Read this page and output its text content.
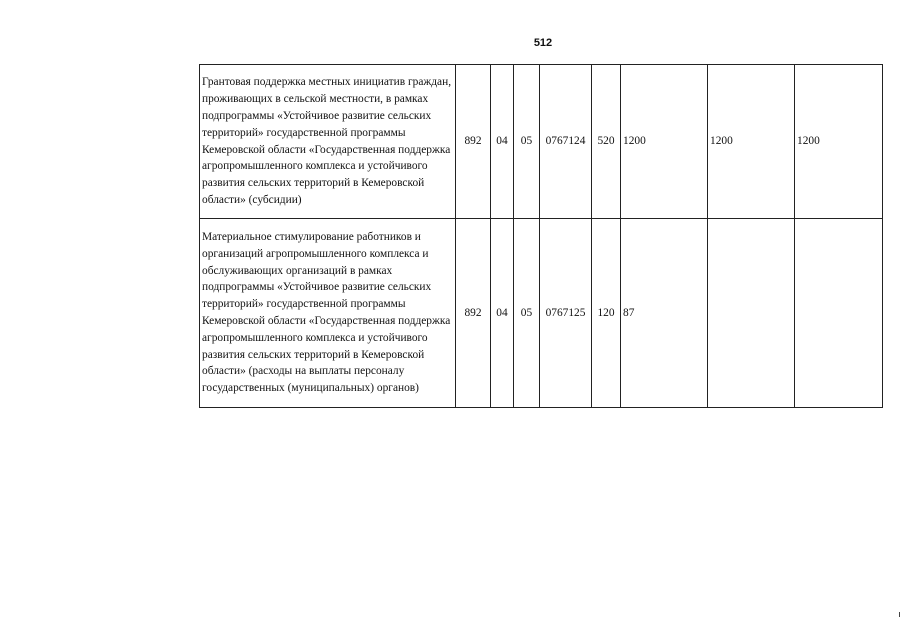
512
Грантовая поддержка местных инициатив граждан, проживающих в сельской местности, в рамках подпрограммы «Устойчивое развитие сельских территорий» государственной программы Кемеровской области «Государственная поддержка агропромышленного комплекса и устойчивого развития сельских территорий в Кемеровской области» (субсидии)	892	04	05	0767124	520	1200	1200	1200
Материальное стимулирование работников и организаций агропромышленного комплекса и обслуживающих организаций в рамках подпрограммы «Устойчивое развитие сельских территорий» государственной программы Кемеровской области «Государственная поддержка агропромышленного комплекса и устойчивого развития сельских территорий в Кемеровской области» (расходы на выплаты персоналу государственных (муниципальных) органов)	892	04	05	0767125	120	87		
